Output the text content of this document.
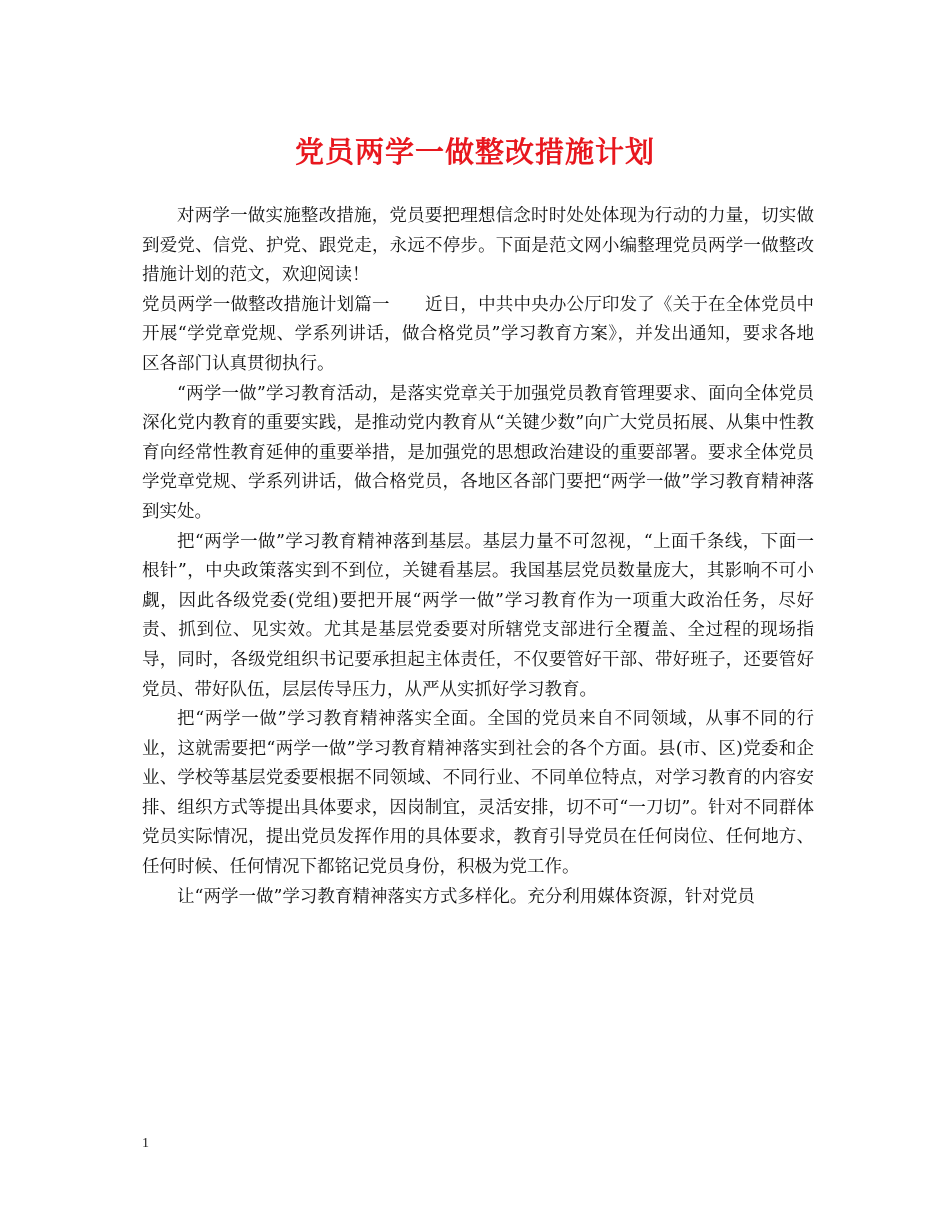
党员两学一做整改措施计划

对两学一做实施整改措施，党员要把理想信念时时处处体现为行动的力量，切实做到爱党、信党、护党、跟党走，永远不停步。下面是范文网小编整理党员两学一做整改措施计划的范文，欢迎阅读！

党员两学一做整改措施计划篇一　　近日，中共中央办公厅印发了《关于在全体党员中开展“学党章党规、学系列讲话，做合格党员”学习教育方案》，并发出通知，要求各地区各部门认真贯彻执行。

“两学一做”学习教育活动，是落实党章关于加强党员教育管理要求、面向全体党员深化党内教育的重要实践，是推动党内教育从“关键少数”向广大党员拓展、从集中性教育向经常性教育延伸的重要举措，是加强党的思想政治建设的重要部署。要求全体党员学党章党规、学系列讲话，做合格党员，各地区各部门要把“两学一做”学习教育精神落到实处。

把“两学一做”学习教育精神落到基层。基层力量不可忽视，“上面千条线，下面一根针”，中央政策落实到不到位，关键看基层。我国基层党员数量庞大，其影响不可小觑，因此各级党委(党组)要把开展“两学一做”学习教育作为一项重大政治任务，尽好责、抓到位、见实效。尤其是基层党委要对所辖党支部进行全覆盖、全过程的现场指导，同时，各级党组织书记要承担起主体责任，不仅要管好干部、带好班子，还要管好党员、带好队伍，层层传导压力，从严从实抓好学习教育。

把“两学一做”学习教育精神落实全面。全国的党员来自不同领域，从事不同的行业，这就需要把“两学一做”学习教育精神落实到社会的各个方面。县(市、区)党委和企业、学校等基层党委要根据不同领域、不同行业、不同单位特点，对学习教育的内容安排、组织方式等提出具体要求，因岗制宜，灵活安排，切不可“一刀切”。针对不同群体党员实际情况，提出党员发挥作用的具体要求，教育引导党员在任何岗位、任何地方、任何时候、任何情况下都铭记党员身份，积极为党工作。

让“两学一做”学习教育精神落实方式多样化。充分利用媒体资源，针对党员

1
